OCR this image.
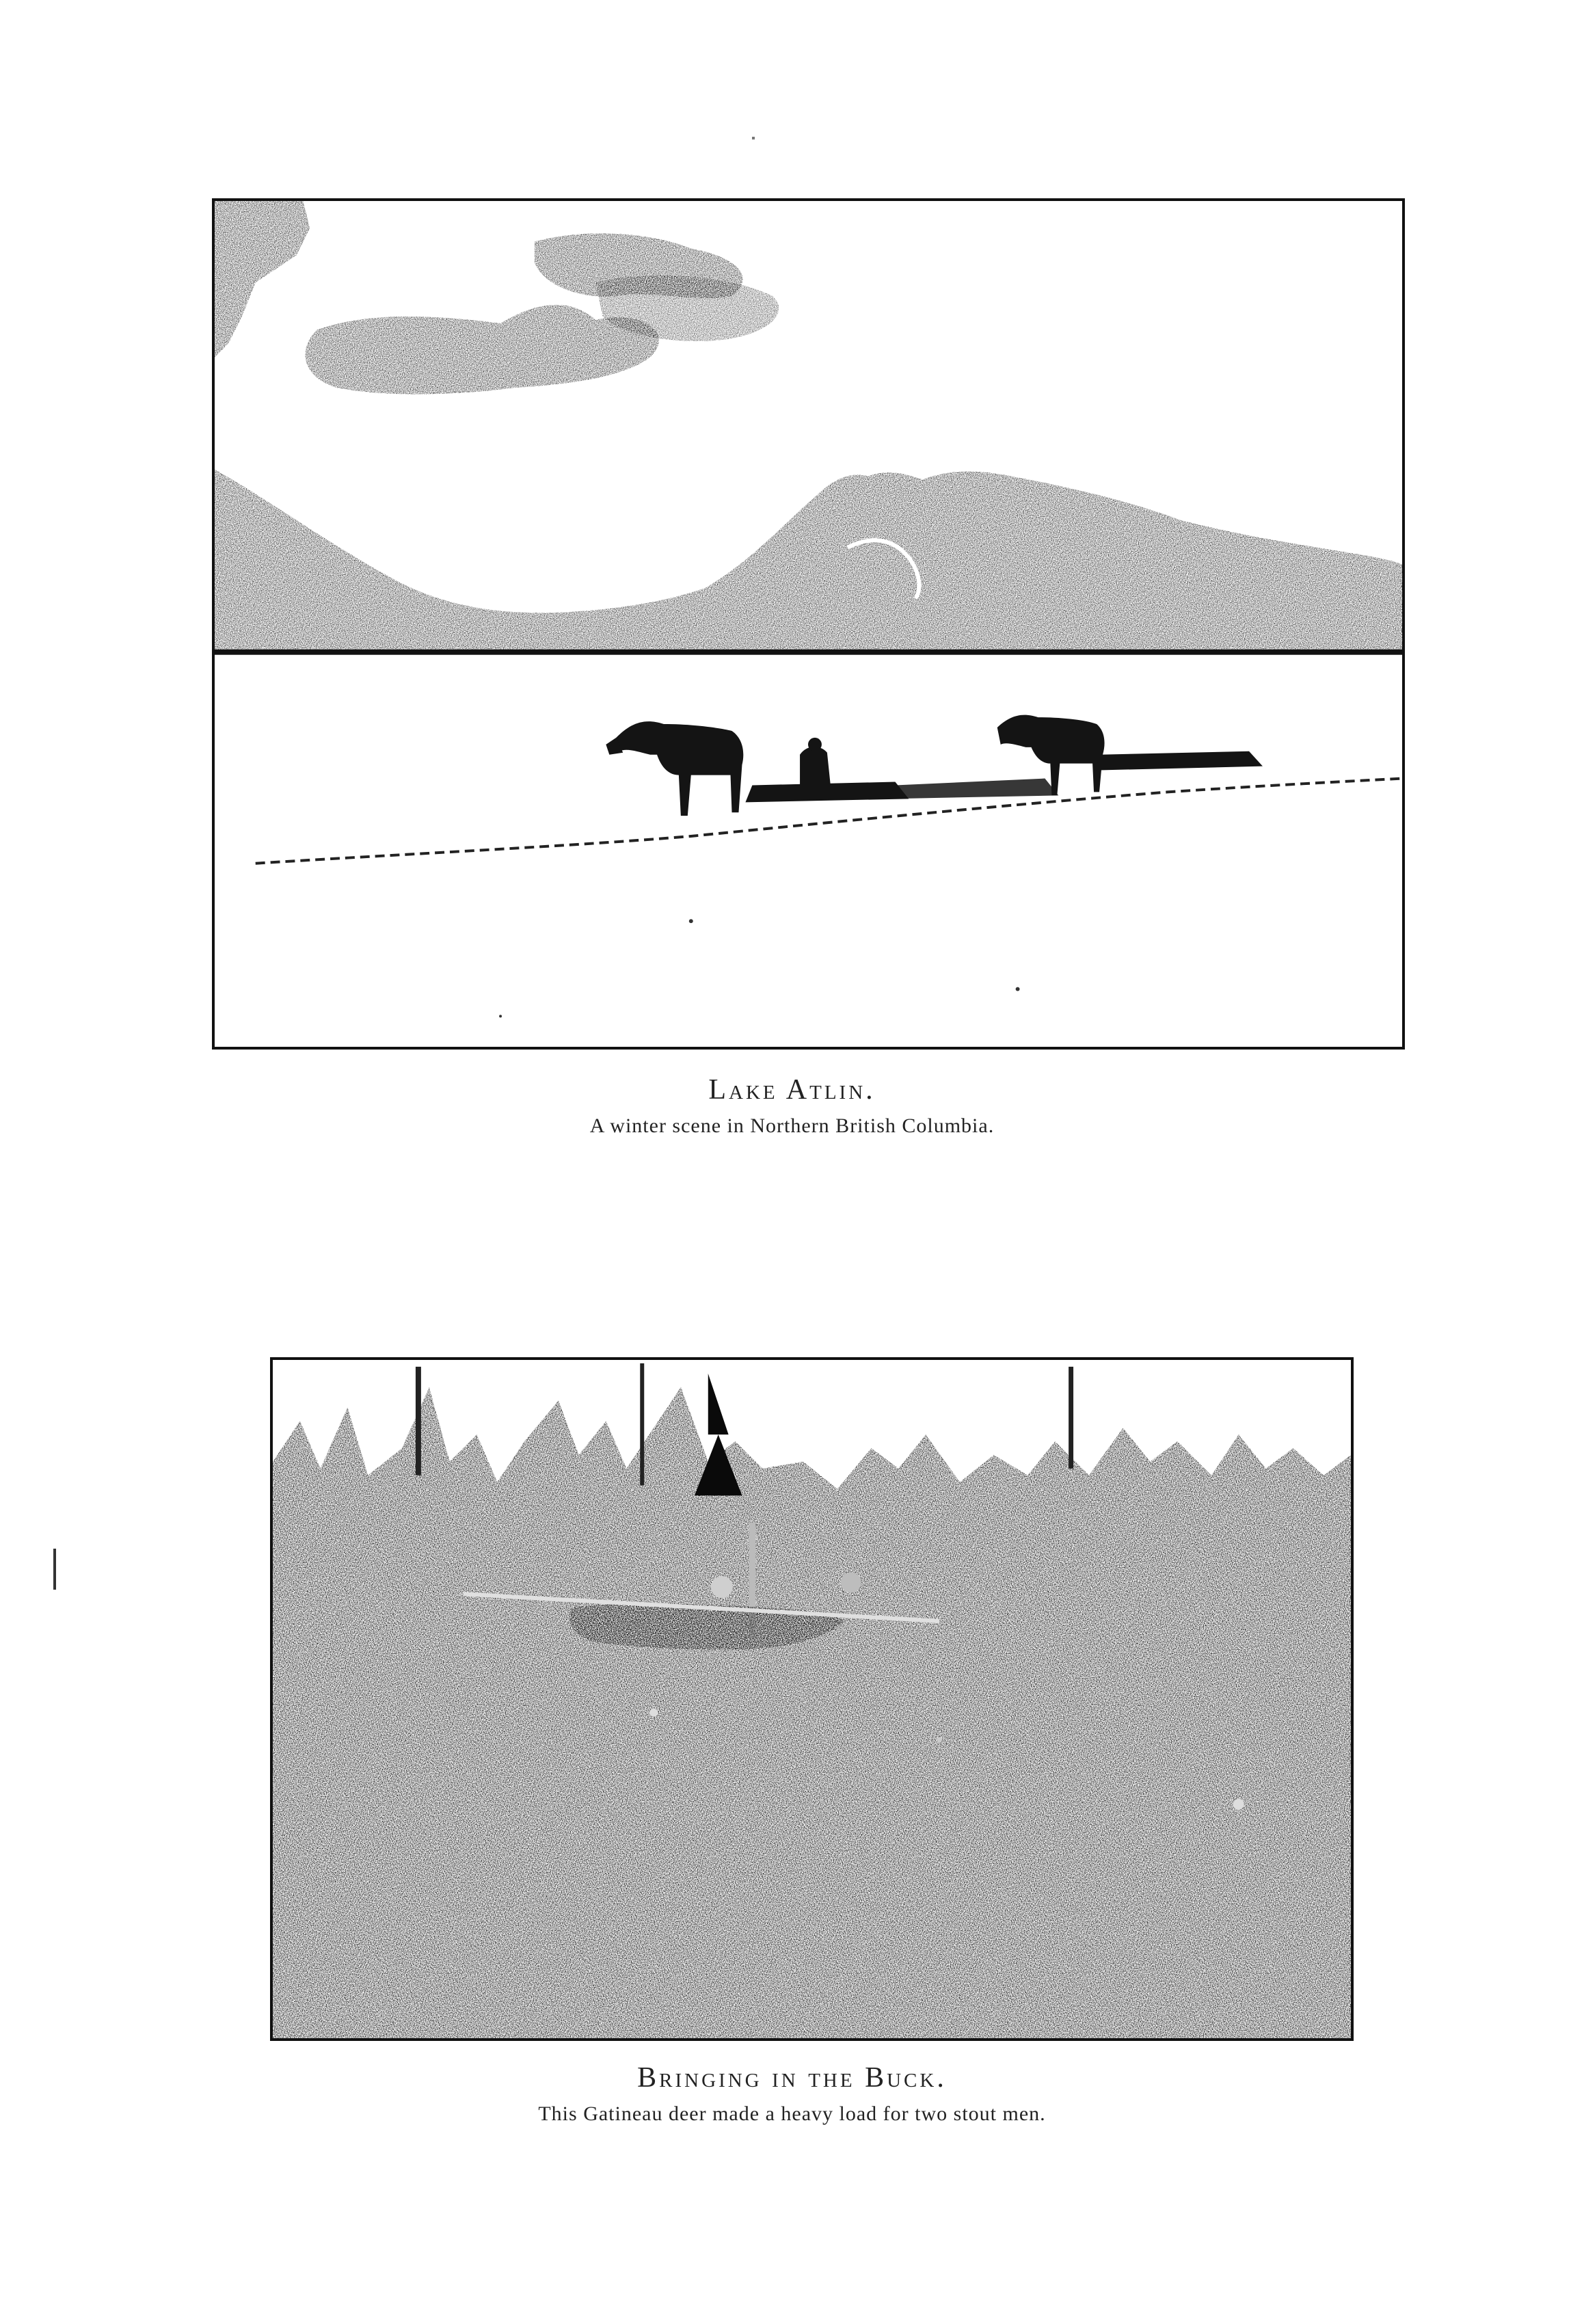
Lake Atlin.
A winter scene in Northern British Columbia.
Bringing in the Buck.
This Gatineau deer made a heavy load for two stout men.
